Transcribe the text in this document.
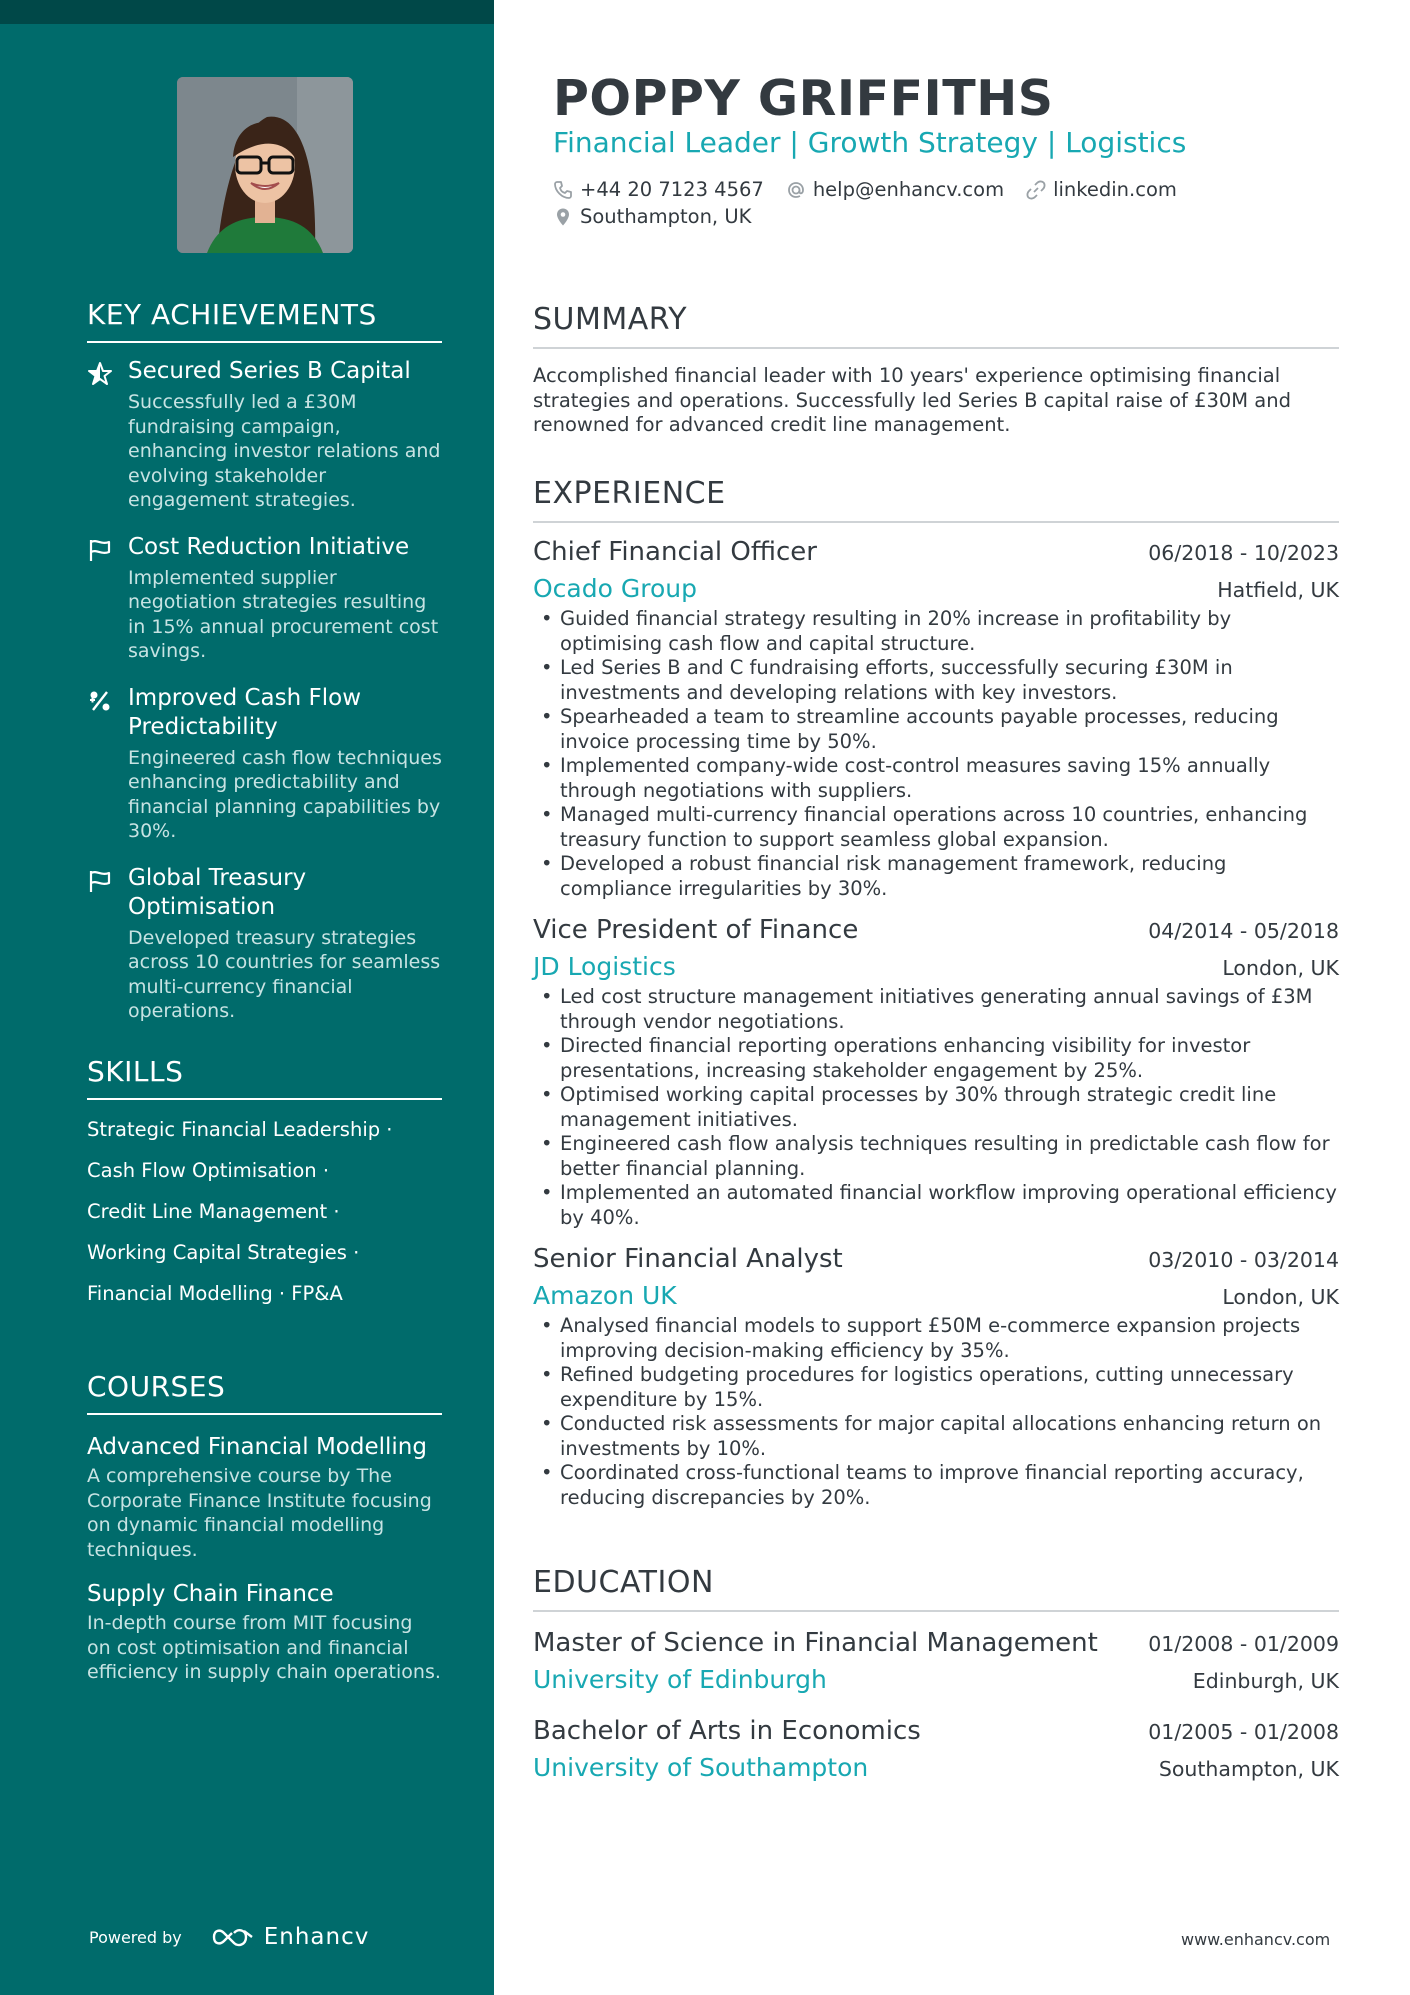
KEY ACHIEVEMENTS
Secured Series B Capital
Successfully led a £30M fundraising campaign, enhancing investor relations and evolving stakeholder engagement strategies.
Cost Reduction Initiative
Implemented supplier negotiation strategies resulting in 15% annual procurement cost savings.
Improved Cash Flow Predictability
Engineered cash flow techniques enhancing predictability and financial planning capabilities by 30%.
Global Treasury Optimisation
Developed treasury strategies across 10 countries for seamless multi-currency financial operations.
SKILLS
Strategic Financial Leadership ·
Cash Flow Optimisation ·
Credit Line Management ·
Working Capital Strategies ·
Financial Modelling · FP&A
COURSES
Advanced Financial Modelling
A comprehensive course by The Corporate Finance Institute focusing on dynamic financial modelling techniques.
Supply Chain Finance
In-depth course from MIT focusing on cost optimisation and financial efficiency in supply chain operations.
Powered by	Enhancv
POPPY GRIFFITHS
Financial Leader | Growth Strategy | Logistics
+44 20 7123 4567	help@enhancv.com	linkedin.com
Southampton, UK
SUMMARY
Accomplished financial leader with 10 years' experience optimising financial strategies and operations. Successfully led Series B capital raise of £30M and renowned for advanced credit line management.
EXPERIENCE
Chief Financial Officer	06/2018 - 10/2023
Ocado Group	Hatfield, UK
• Guided financial strategy resulting in 20% increase in profitability by optimising cash flow and capital structure.
• Led Series B and C fundraising efforts, successfully securing £30M in investments and developing relations with key investors.
• Spearheaded a team to streamline accounts payable processes, reducing invoice processing time by 50%.
• Implemented company-wide cost-control measures saving 15% annually through negotiations with suppliers.
• Managed multi-currency financial operations across 10 countries, enhancing treasury function to support seamless global expansion.
• Developed a robust financial risk management framework, reducing compliance irregularities by 30%.
Vice President of Finance	04/2014 - 05/2018
JD Logistics	London, UK
• Led cost structure management initiatives generating annual savings of £3M through vendor negotiations.
• Directed financial reporting operations enhancing visibility for investor presentations, increasing stakeholder engagement by 25%.
• Optimised working capital processes by 30% through strategic credit line management initiatives.
• Engineered cash flow analysis techniques resulting in predictable cash flow for better financial planning.
• Implemented an automated financial workflow improving operational efficiency by 40%.
Senior Financial Analyst	03/2010 - 03/2014
Amazon UK	London, UK
• Analysed financial models to support £50M e-commerce expansion projects improving decision-making efficiency by 35%.
• Refined budgeting procedures for logistics operations, cutting unnecessary expenditure by 15%.
• Conducted risk assessments for major capital allocations enhancing return on investments by 10%.
• Coordinated cross-functional teams to improve financial reporting accuracy, reducing discrepancies by 20%.
EDUCATION
Master of Science in Financial Management 01/2008 - 01/2009
University of Edinburgh	Edinburgh, UK
Bachelor of Arts in Economics	01/2005 - 01/2008
University of Southampton	Southampton, UK
www.enhancv.com
